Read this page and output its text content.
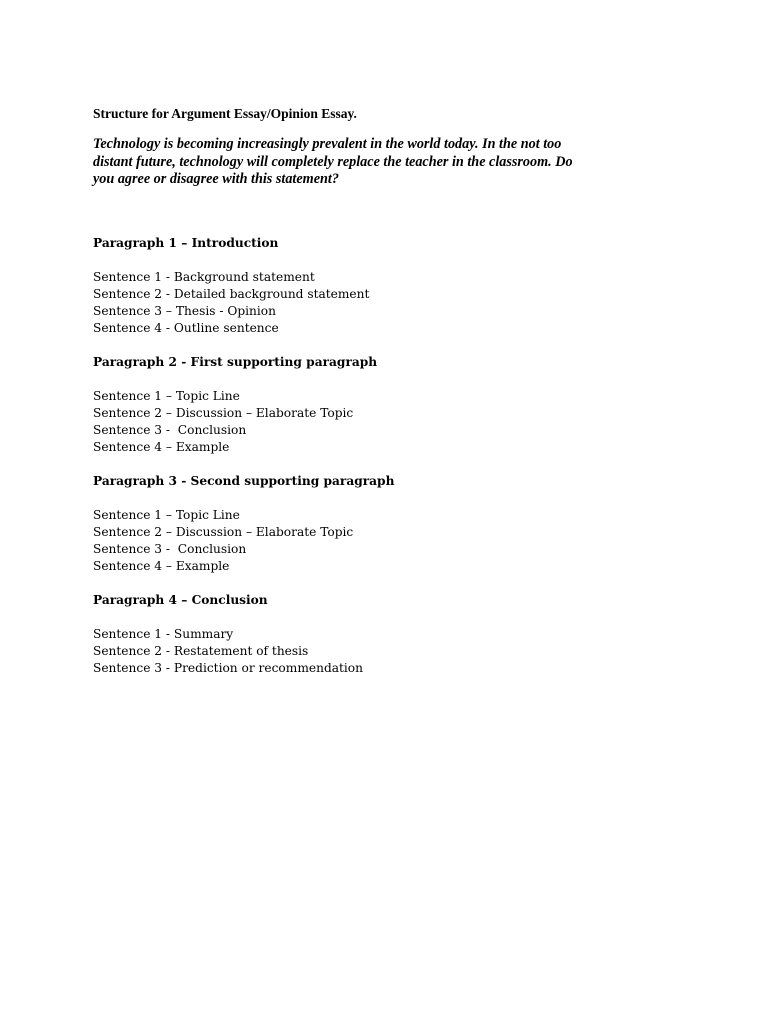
Structure for Argument Essay/Opinion Essay.

Technology is becoming increasingly prevalent in the world today. In the not too distant future, technology will completely replace the teacher in the classroom. Do you agree or disagree with this statement?

Paragraph 1 – Introduction

Sentence 1 - Background statement
Sentence 2 - Detailed background statement
Sentence 3 – Thesis - Opinion
Sentence 4 - Outline sentence

Paragraph 2 - First supporting paragraph

Sentence 1 – Topic Line
Sentence 2 – Discussion – Elaborate Topic
Sentence 3 -  Conclusion
Sentence 4 – Example

Paragraph 3 - Second supporting paragraph

Sentence 1 – Topic Line
Sentence 2 – Discussion – Elaborate Topic
Sentence 3 -  Conclusion
Sentence 4 – Example

Paragraph 4 – Conclusion

Sentence 1 - Summary
Sentence 2 - Restatement of thesis
Sentence 3 - Prediction or recommendation
